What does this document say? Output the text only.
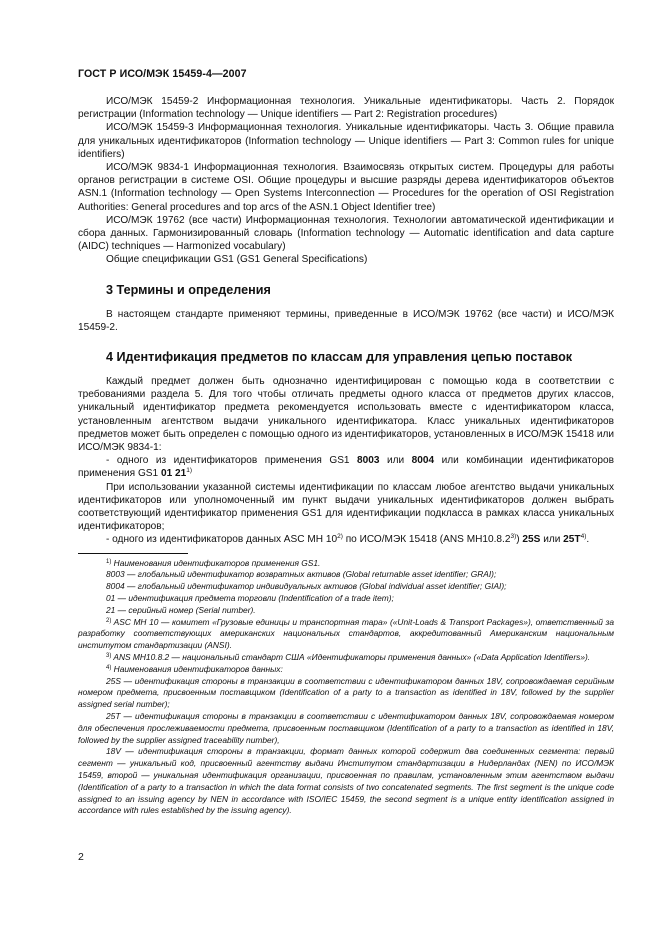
ГОСТ Р ИСО/МЭК 15459-4—2007

ИСО/МЭК 15459-2 Информационная технология. Уникальные идентификаторы. Часть 2. Порядок регистрации (Information technology — Unique identifiers — Part 2: Registration procedures)

ИСО/МЭК 15459-3 Информационная технология. Уникальные идентификаторы. Часть 3. Общие правила для уникальных идентификаторов (Information technology — Unique identifiers — Part 3: Common rules for unique identifiers)

ИСО/МЭК 9834-1 Информационная технология. Взаимосвязь открытых систем. Процедуры для работы органов регистрации в системе OSI. Общие процедуры и высшие разряды дерева идентификаторов объектов ASN.1 (Information technology — Open Systems Interconnection — Procedures for the operation of OSI Registration Authorities: General procedures and top arcs of the ASN.1 Object Identifier tree)

ИСО/МЭК 19762 (все части) Информационная технология. Технологии автоматической идентификации и сбора данных. Гармонизированный словарь (Information technology — Automatic identification and data capture (AIDC) techniques — Harmonized vocabulary)

Общие спецификации GS1 (GS1 General Specifications)

3 Термины и определения

В настоящем стандарте применяют термины, приведенные в ИСО/МЭК 19762 (все части) и ИСО/МЭК 15459-2.

4 Идентификация предметов по классам для управления цепью поставок

Каждый предмет должен быть однозначно идентифицирован с помощью кода в соответствии с требованиями раздела 5. Для того чтобы отличать предметы одного класса от предметов других классов, уникальный идентификатор предмета рекомендуется использовать вместе с идентификатором класса, установленным агентством выдачи уникального идентификатора. Класс уникальных идентификаторов предметов может быть определен с помощью одного из идентификаторов, установленных в ИСО/МЭК 15418 или ИСО/МЭК 9834-1:

- одного из идентификаторов применения GS1 8003 или 8004 или комбинации идентификаторов применения GS1 01 21$^{1)}$

При использовании указанной системы идентификации по классам любое агентство выдачи уникальных идентификаторов или уполномоченный им пункт выдачи уникальных идентификаторов должен выбрать соответствующий идентификатор применения GS1 для идентификации подкласса в рамках класса уникальных идентификаторов;

- одного из идентификаторов данных ASC MH 10$^{2)}$ по ИСО/МЭК 15418 (ANS MH10.8.2$^{3)}$) 25S или $25T^{4)}$.

$^{1)}$ Наименования идентификаторов применения GS1.

8003 — глобальный идентификатор возвратных активов (Global returnable asset identifier; GRAI);

8004 — глобальный идентификатор индивидуальных активов (Global individual asset identifier; GIAI);

01 — идентификация предмета торговли (Indentification of a trade item);

21 — серийный номер (Serial number).

$^{2)}$ ASC MH 10 — комитет «Грузовые единицы и транспортная тара» («Unit-Loads & Transport Packages»), ответственный за разработку соответствующих американских национальных стандартов, аккредитованный Американским национальным институтом стандартизации (ANSI).

$^{3)}$ ANS MH10.8.2 — национальный стандарт США «Идентификаторы применения данных» («Data Application Identifiers»).

$^{4)}$ Наименования идентификаторов данных:

25S — идентификация стороны в транзакции в соответствии с идентификатором данных 18V, сопровождаемая серийным номером предмета, присвоенным поставщиком (Identification of a party to a transaction as identified in 18V, followed by the supplier assigned serial number);

25T — идентификация стороны в транзакции в соответствии с идентификатором данных 18V, сопровождаемая номером для обеспечения прослеживаемости предмета, присвоенным поставщиком (Identification of a party to a transaction as identified in 18V, followed by the supplier assigned traceability number),

18V — идентификация стороны в транзакции, формат данных которой содержит два соединенных сегмента: первый сегмент — уникальный код, присвоенный агентству выдачи Институтом стандартизации в Нидерландах (NEN) по ИСО/МЭК 15459, второй — уникальная идентификация организации, присвоенная по правилам, установленным этим агентством выдачи (Identification of a party to a transaction in which the data format consists of two concatenated segments. The first segment is the unique code assigned to an issuing agency by NEN in accordance with ISO/IEC 15459, the second segment is a unique entity identification assigned in accordance with rules established by the issuing agency).

2
